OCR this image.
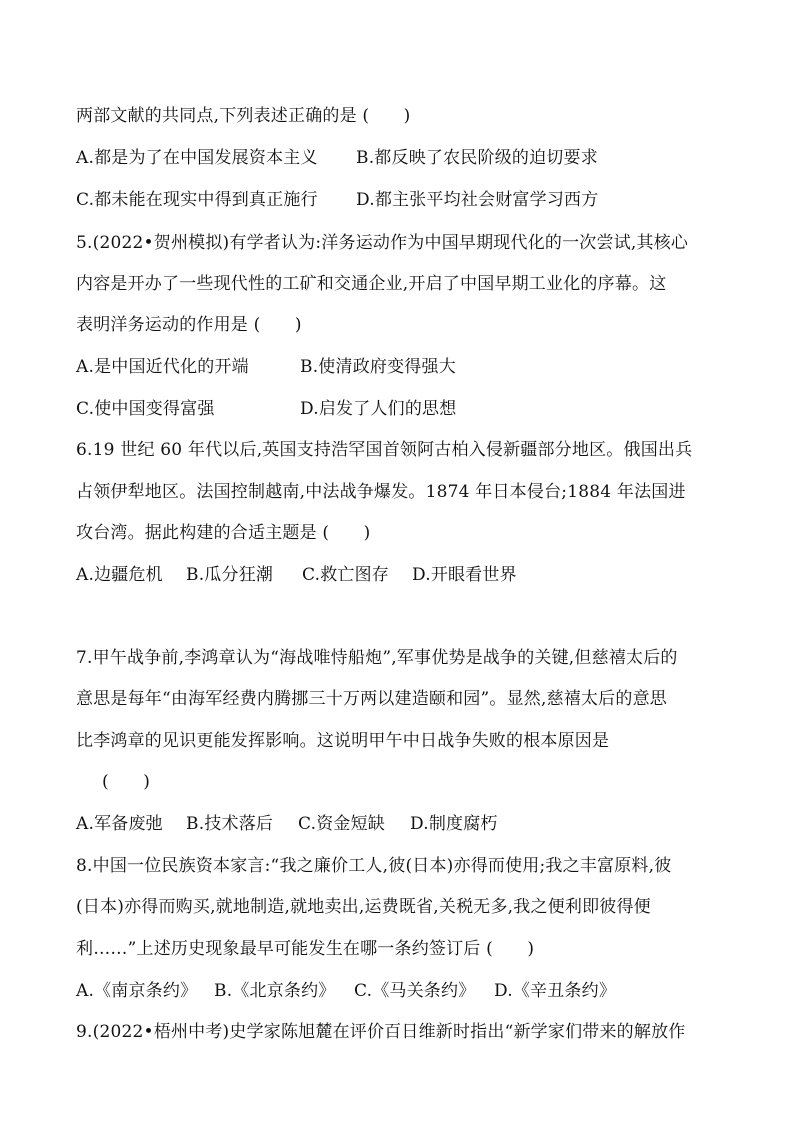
两部文献的共同点,下列表述正确的是 (　　)
A.都是为了在中国发展资本主义 B.都反映了农民阶级的迫切要求
C.都未能在现实中得到真正施行 D.都主张平均社会财富学习西方
5.(2022•贺州模拟)有学者认为:洋务运动作为中国早期现代化的一次尝试,其核心
内容是开办了一些现代性的工矿和交通企业,开启了中国早期工业化的序幕。这
表明洋务运动的作用是 (　　)
A.是中国近代化的开端	B.使清政府变得强大
C.使中国变得富强	D.启发了人们的思想
6.19 世纪 60 年代以后,英国支持浩罕国首领阿古柏入侵新疆部分地区。俄国出兵
占领伊犁地区。法国控制越南,中法战争爆发。1874 年日本侵台;1884 年法国进
攻台湾。据此构建的合适主题是 (　　)
A.边疆危机 B.瓜分狂潮 C.救亡图存 D.开眼看世界
7.甲午战争前,李鸿章认为“海战唯恃船炮”,军事优势是战争的关键,但慈禧太后的
意思是每年“由海军经费内腾挪三十万两以建造颐和园”。显然,慈禧太后的意思
比李鸿章的见识更能发挥影响。这说明甲午中日战争失败的根本原因是
(　　)
A.军备废弛 B.技术落后 C.资金短缺 D.制度腐朽
8.中国一位民族资本家言:“我之廉价工人,彼(日本)亦得而使用;我之丰富原料,彼
(日本)亦得而购买,就地制造,就地卖出,运费既省,关税无多,我之便利即彼得便
利……”上述历史现象最早可能发生在哪一条约签订后 (　　)
A.《南京条约》 B.《北京条约》 C.《马关条约》 D.《辛丑条约》
9.(2022•梧州中考)史学家陈旭麓在评价百日维新时指出“新学家们带来的解放作
